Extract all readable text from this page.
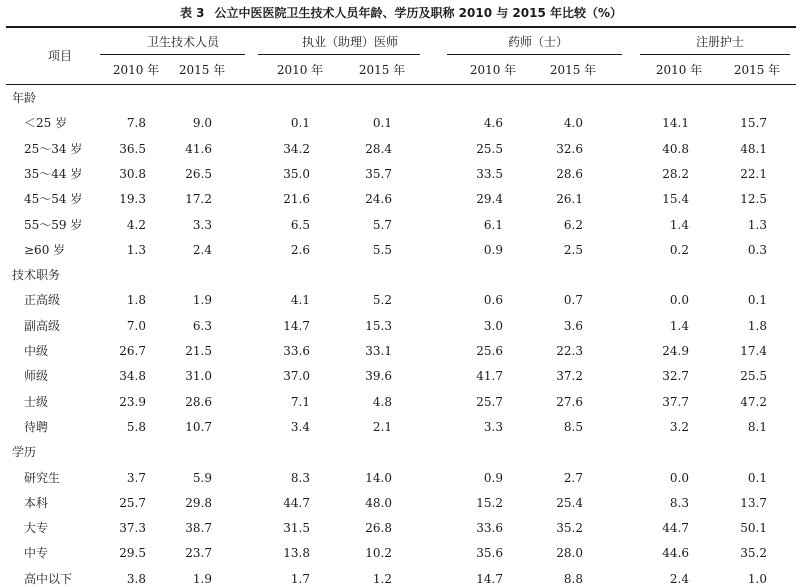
表 3 公立中医医院卫生技术人员年龄、学历及职称 2010 与 2015 年比较（%）
项目
卫生技术人员	执业（助理）医师	药师（士）	注册护士
2010 年	2015 年	2010 年	2015 年	2010 年	2015 年	2010 年	2015 年
年龄
＜25 岁	7.8	9.0	0.1	0.1	4.6	4.0	14.1	15.7
25～34 岁	36.5	41.6	34.2	28.4	25.5	32.6	40.8	48.1
35～44 岁	30.8	26.5	35.0	35.7	33.5	28.6	28.2	22.1
45～54 岁	19.3	17.2	21.6	24.6	29.4	26.1	15.4	12.5
55～59 岁	4.2	3.3	6.5	5.7	6.1	6.2	1.4	1.3
≥60 岁	1.3	2.4	2.6	5.5	0.9	2.5	0.2	0.3
技术职务
正高级	1.8	1.9	4.1	5.2	0.6	0.7	0.0	0.1
副高级	7.0	6.3	14.7	15.3	3.0	3.6	1.4	1.8
中级	26.7	21.5	33.6	33.1	25.6	22.3	24.9	17.4
师级	34.8	31.0	37.0	39.6	41.7	37.2	32.7	25.5
士级	23.9	28.6	7.1	4.8	25.7	27.6	37.7	47.2
待聘	5.8	10.7	3.4	2.1	3.3	8.5	3.2	8.1
学历
研究生	3.7	5.9	8.3	14.0	0.9	2.7	0.0	0.1
本科	25.7	29.8	44.7	48.0	15.2	25.4	8.3	13.7
大专	37.3	38.7	31.5	26.8	33.6	35.2	44.7	50.1
中专	29.5	23.7	13.8	10.2	35.6	28.0	44.6	35.2
高中以下	3.8	1.9	1.7	1.2	14.7	8.8	2.4	1.0
